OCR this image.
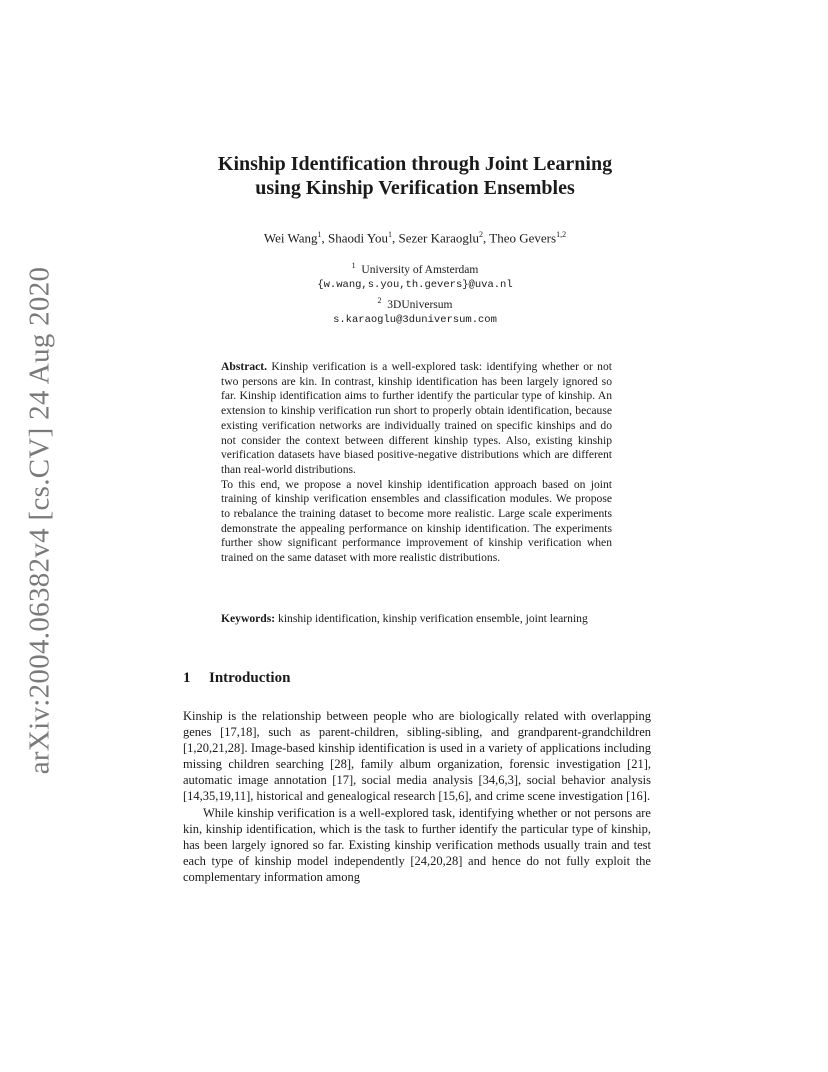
arXiv:2004.06382v4 [cs.CV] 24 Aug 2020
Kinship Identification through Joint Learning
using Kinship Verification Ensembles
Wei Wang$^1$, Shaodi You$^1$, Sezer Karaoglu$^2$, Theo Gevers$^{1,2}$
$^1$ University of Amsterdam
{w.wang,s.you,th.gevers}@uva.nl
$^2$ 3DUniversum
s.karaoglu@3duniversum.com

Abstract. Kinship verification is a well-explored task: identifying whether or not two persons are kin. In contrast, kinship identification has been largely ignored so far. Kinship identification aims to further identify the particular type of kinship. An extension to kinship verification run short to properly obtain identification, because existing verification networks are individually trained on specific kinships and do not consider the context between different kinship types. Also, existing kinship verification datasets have biased positive-negative distributions which are different than real-world distributions.

To this end, we propose a novel kinship identification approach based on joint training of kinship verification ensembles and classification modules. We propose to rebalance the training dataset to become more realistic. Large scale experiments demonstrate the appealing performance on kinship identification. The experiments further show significant performance improvement of kinship verification when trained on the same dataset with more realistic distributions.

Keywords: kinship identification, kinship verification ensemble, joint learning
1 Introduction

Kinship is the relationship between people who are biologically related with overlapping genes [17,18], such as parent-children, sibling-sibling, and grandparent-grandchildren [1,20,21,28]. Image-based kinship identification is used in a variety of applications including missing children searching [28], family album organization, forensic investigation [21], automatic image annotation [17], social media analysis [34,6,3], social behavior analysis [14,35,19,11], historical and genealogical research [15,6], and crime scene investigation [16].

While kinship verification is a well-explored task, identifying whether or not persons are kin, kinship identification, which is the task to further identify the particular type of kinship, has been largely ignored so far. Existing kinship verification methods usually train and test each type of kinship model independently [24,20,28] and hence do not fully exploit the complementary information among
